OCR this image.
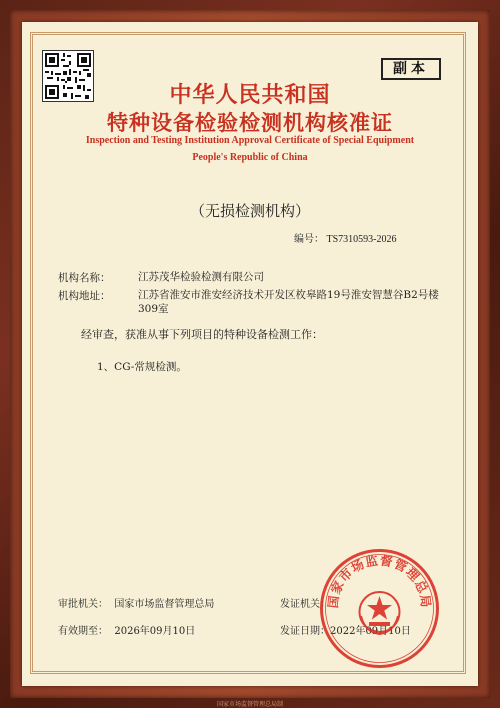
副本
中华人民共和国
特种设备检验检测机构核准证
Inspection and Testing Institution Approval Certificate of Special Equipment
People's Republic of China
（无损检测机构）
编号： TS7310593-2026
机构名称：	江苏茂华检验检测有限公司
机构地址：	江苏省淮安市淮安经济技术开发区枚皋路19号淮安智慧谷B2号楼309室
经审查，获准从事下列项目的特种设备检测工作：
1、CG-常规检测。
审批机关： 国家市场监督管理总局	发证机关：
有效期至： 2026年09月10日	发证日期：2022年09月10日
国家市场监督管理总局
国家市场监督管理总局制
